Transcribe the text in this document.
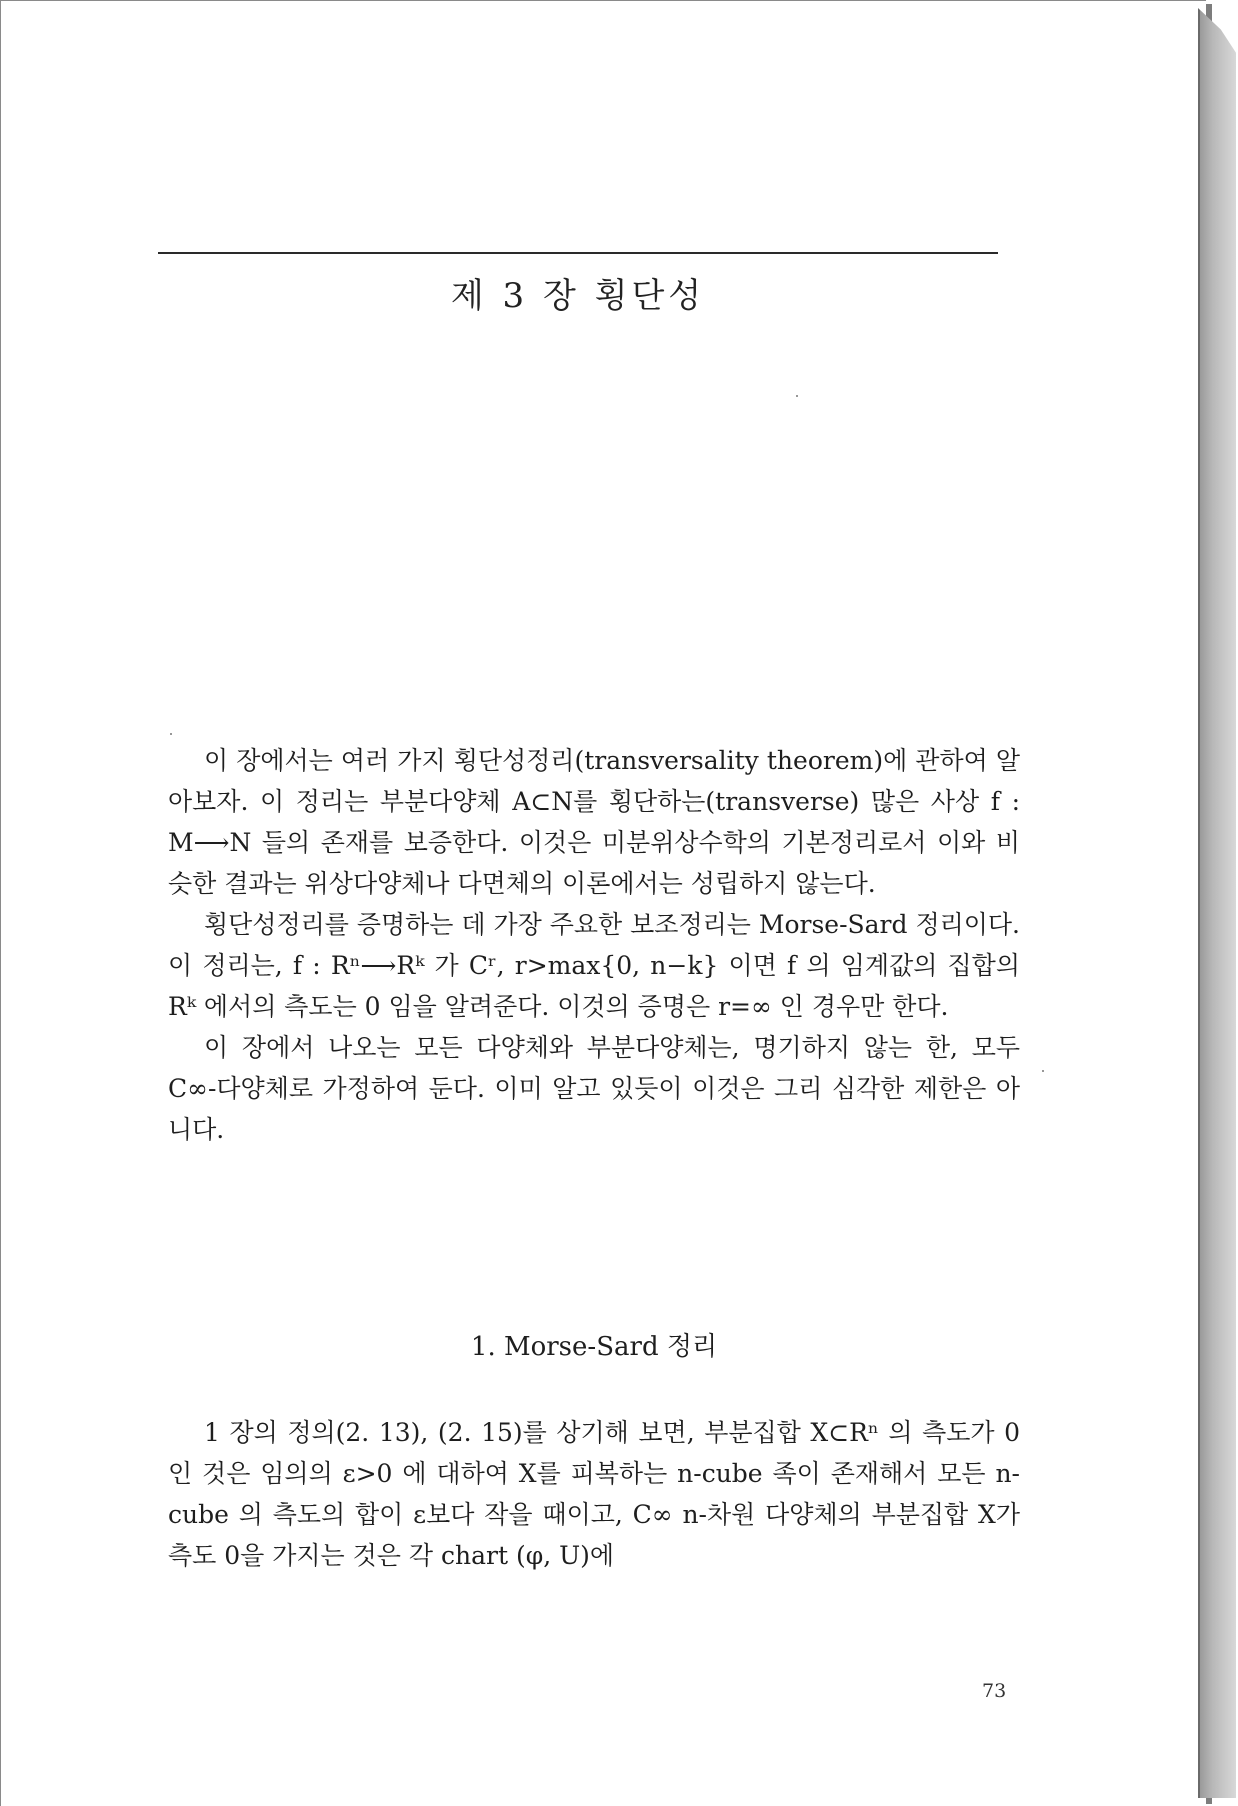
제 3 장 횡단성

이 장에서는 여러 가지 횡단성정리(transversality theorem)에 관하여 알아보자. 이 정리는 부분다양체 A⊂N를 횡단하는(transverse) 많은 사상 f : M⟶N 들의 존재를 보증한다. 이것은 미분위상수학의 기본정리로서 이와 비슷한 결과는 위상다양체나 다면체의 이론에서는 성립하지 않는다.

횡단성정리를 증명하는 데 가장 주요한 보조정리는 Morse-Sard 정리이다. 이 정리는, f : Rⁿ⟶Rᵏ 가 Cʳ, r>max{0, n−k} 이면 f 의 임계값의 집합의 Rᵏ 에서의 측도는 0 임을 알려준다. 이것의 증명은 r=∞ 인 경우만 한다.

이 장에서 나오는 모든 다양체와 부분다양체는, 명기하지 않는 한, 모두 C∞-다양체로 가정하여 둔다. 이미 알고 있듯이 이것은 그리 심각한 제한은 아니다.

1. Morse-Sard 정리

1 장의 정의(2. 13), (2. 15)를 상기해 보면, 부분집합 X⊂Rⁿ 의 측도가 0 인 것은 임의의 ε>0 에 대하여 X를 피복하는 n-cube 족이 존재해서 모든 n-cube 의 측도의 합이 ε보다 작을 때이고, C∞ n-차원 다양체의 부분집합 X가 측도 0을 가지는 것은 각 chart (φ, U)에

73
